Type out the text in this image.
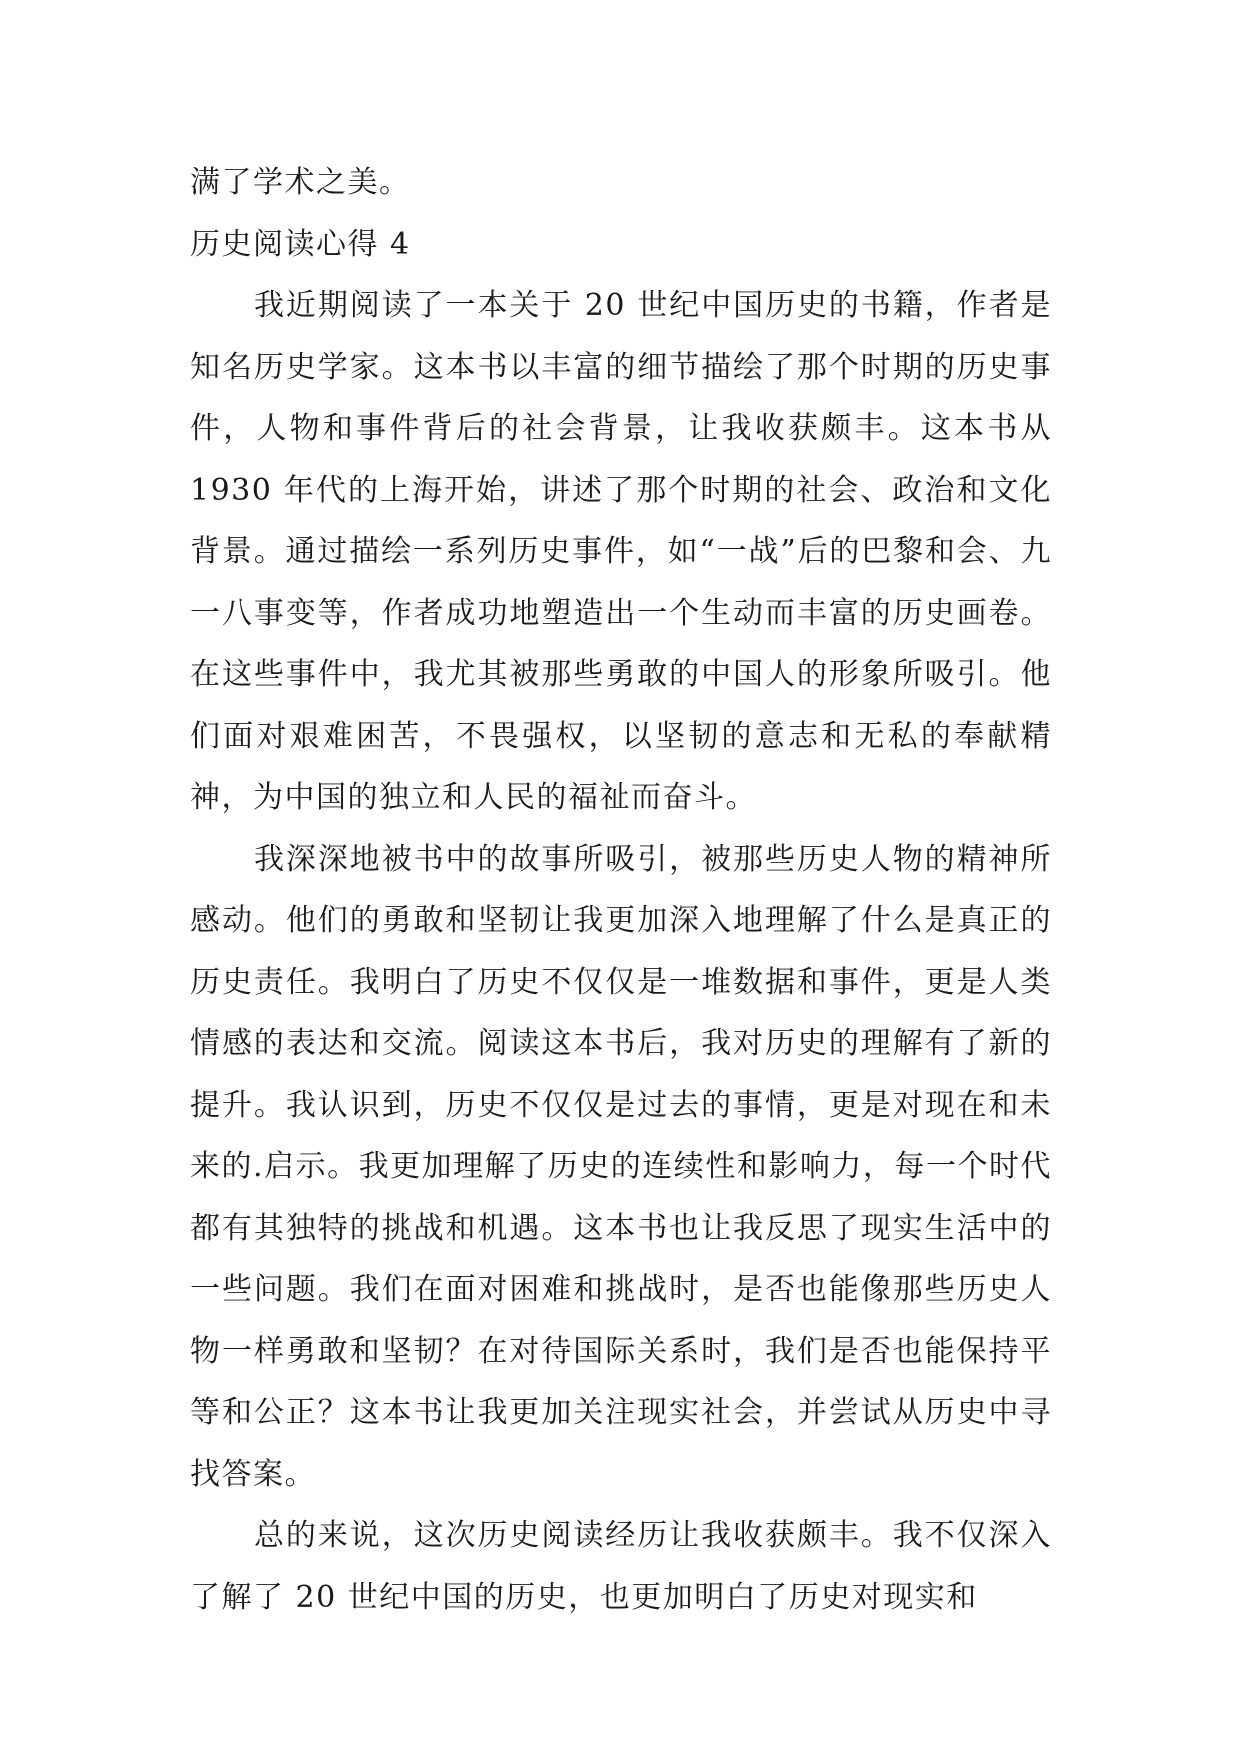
满了学术之美。

历史阅读心得 4

我近期阅读了一本关于 20 世纪中国历史的书籍，作者是知名历史学家。这本书以丰富的细节描绘了那个时期的历史事件，人物和事件背后的社会背景，让我收获颇丰。这本书从 1930 年代的上海开始，讲述了那个时期的社会、政治和文化背景。通过描绘一系列历史事件，如“一战”后的巴黎和会、九一八事变等，作者成功地塑造出一个生动而丰富的历史画卷。在这些事件中，我尤其被那些勇敢的中国人的形象所吸引。他们面对艰难困苦，不畏强权，以坚韧的意志和无私的奉献精神，为中国的独立和人民的福祉而奋斗。

我深深地被书中的故事所吸引，被那些历史人物的精神所感动。他们的勇敢和坚韧让我更加深入地理解了什么是真正的历史责任。我明白了历史不仅仅是一堆数据和事件，更是人类情感的表达和交流。阅读这本书后，我对历史的理解有了新的提升。我认识到，历史不仅仅是过去的事情，更是对现在和未来的.启示。我更加理解了历史的连续性和影响力，每一个时代都有其独特的挑战和机遇。这本书也让我反思了现实生活中的一些问题。我们在面对困难和挑战时，是否也能像那些历史人物一样勇敢和坚韧？在对待国际关系时，我们是否也能保持平等和公正？这本书让我更加关注现实社会，并尝试从历史中寻找答案。

总的来说，这次历史阅读经历让我收获颇丰。我不仅深入了解了 20 世纪中国的历史，也更加明白了历史对现实和
